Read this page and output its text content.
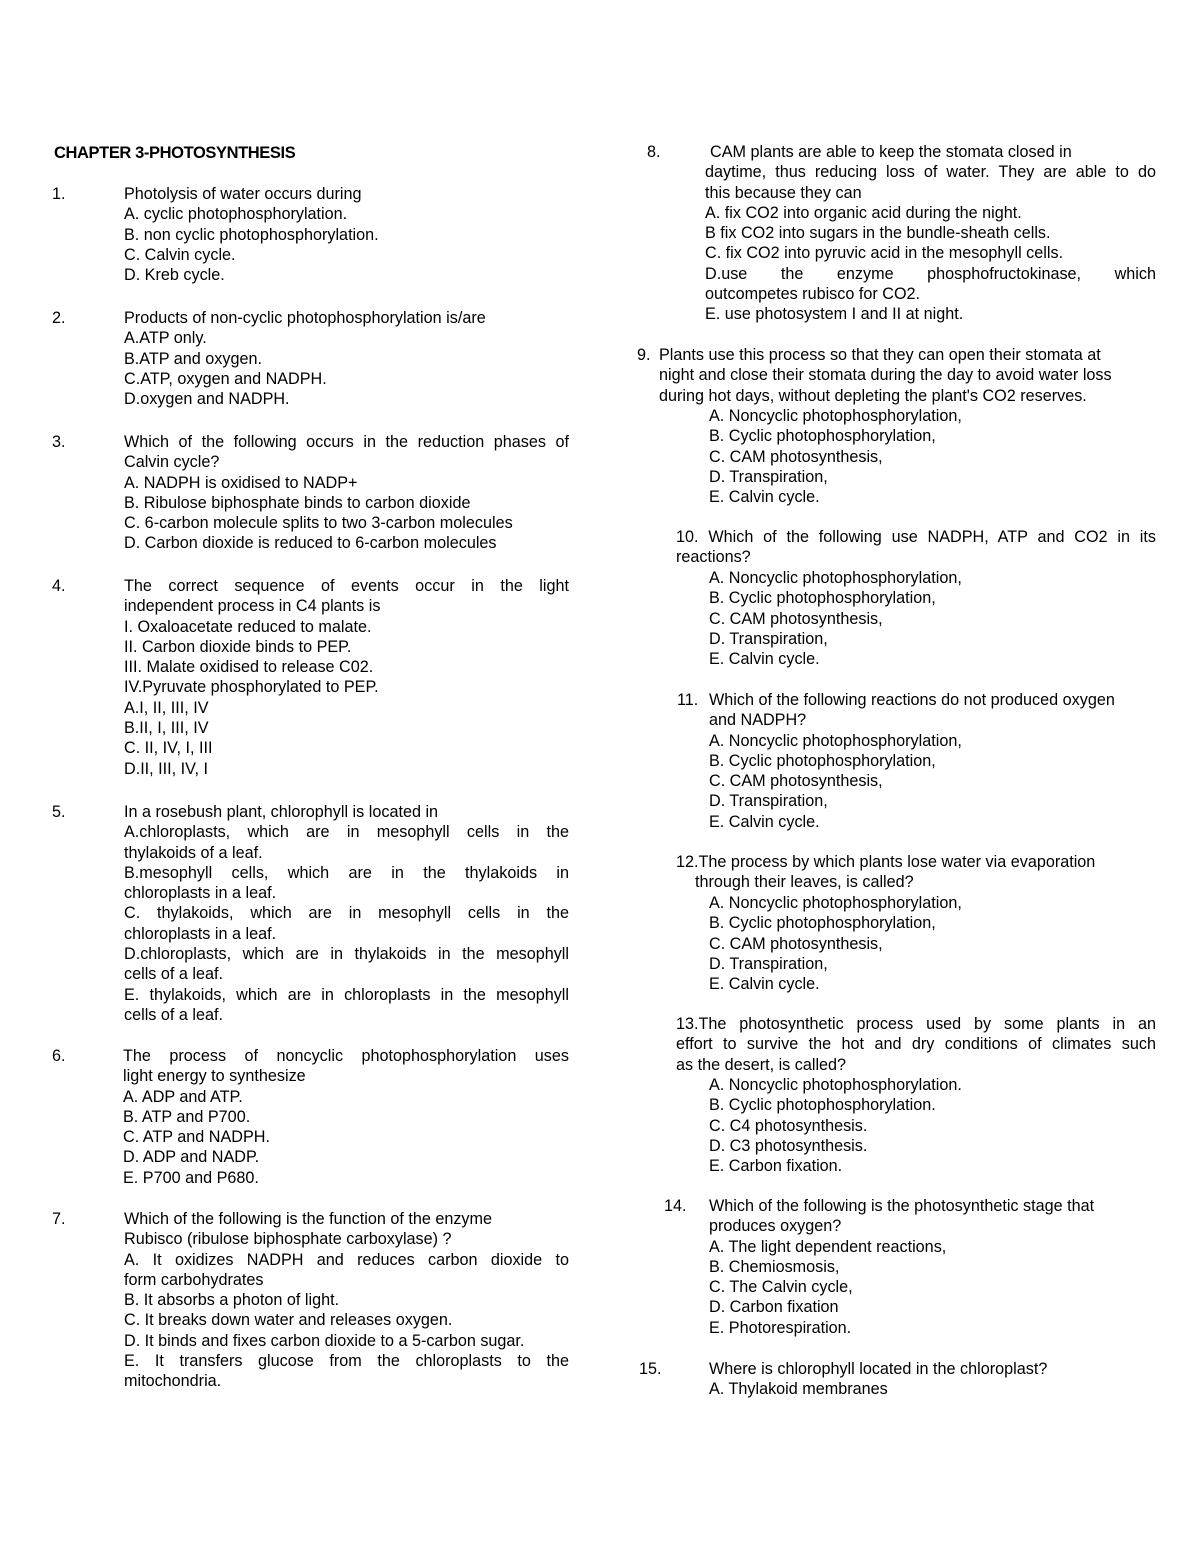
CHAPTER 3-PHOTOSYNTHESIS
1.	Photolysis of water occurs during
A. cyclic photophosphorylation.
B. non cyclic photophosphorylation.
C. Calvin cycle.
D. Kreb cycle.
2.	Products of non-cyclic photophosphorylation is/are
A.ATP only.
B.ATP and oxygen.
C.ATP, oxygen and NADPH.
D.oxygen and NADPH.
3.	Which of the following occurs in the reduction phases of
Calvin cycle?
A. NADPH is oxidised to NADP+
B. Ribulose biphosphate binds to carbon dioxide
C. 6-carbon molecule splits to two 3-carbon molecules
D. Carbon dioxide is reduced to 6-carbon molecules
4.	The correct sequence of events occur in the light
independent process in C4 plants is
I. Oxaloacetate reduced to malate.
II. Carbon dioxide binds to PEP.
III. Malate oxidised to release C02.
IV.Pyruvate phosphorylated to PEP.
A.I, II, III, IV
B.II, I, III, IV
C. II, IV, I, III
D.II, III, IV, I
5.	In a rosebush plant, chlorophyll is located in
A.chloroplasts, which are in mesophyll cells in the
thylakoids of a leaf.
B.mesophyll cells, which are in the thylakoids in
chloroplasts in a leaf.
C. thylakoids, which are in mesophyll cells in the
chloroplasts in a leaf.
D.chloroplasts, which are in thylakoids in the mesophyll
cells of a leaf.
E. thylakoids, which are in chloroplasts in the mesophyll
cells of a leaf.
6.	The process of noncyclic photophosphorylation uses
light energy to synthesize
A. ADP and ATP.
B. ATP and P700.
C. ATP and NADPH.
D. ADP and NADP.
E. P700 and P680.
7.	Which of the following is the function of the enzyme
Rubisco (ribulose biphosphate carboxylase) ?
A. It oxidizes NADPH and reduces carbon dioxide to
form carbohydrates
B. It absorbs a photon of light.
C. It breaks down water and releases oxygen.
D. It binds and fixes carbon dioxide to a 5-carbon sugar.
E. It transfers glucose from the chloroplasts to the
mitochondria.
8.	CAM plants are able to keep the stomata closed in
daytime, thus reducing loss of water. They are able to do
this because they can
A. fix CO2 into organic acid during the night.
B fix CO2 into sugars in the bundle-sheath cells.
C. fix CO2 into pyruvic acid in the mesophyll cells.
D.use the enzyme phosphofructokinase, which
outcompetes rubisco for CO2.
E. use photosystem I and II at night.
9. Plants use this process so that they can open their stomata at
night and close their stomata during the day to avoid water loss
during hot days, without depleting the plant's CO2 reserves.
A. Noncyclic photophosphorylation,
B. Cyclic photophosphorylation,
C. CAM photosynthesis,
D. Transpiration,
E. Calvin cycle.
10. Which of the following use NADPH, ATP and CO2 in its
reactions?
A. Noncyclic photophosphorylation,
B. Cyclic photophosphorylation,
C. CAM photosynthesis,
D. Transpiration,
E. Calvin cycle.
11. Which of the following reactions do not produced oxygen
and NADPH?
A. Noncyclic photophosphorylation,
B. Cyclic photophosphorylation,
C. CAM photosynthesis,
D. Transpiration,
E. Calvin cycle.
12.The process by which plants lose water via evaporation
through their leaves, is called?
A. Noncyclic photophosphorylation,
B. Cyclic photophosphorylation,
C. CAM photosynthesis,
D. Transpiration,
E. Calvin cycle.
13.The photosynthetic process used by some plants in an
effort to survive the hot and dry conditions of climates such
as the desert, is called?
A. Noncyclic photophosphorylation.
B. Cyclic photophosphorylation.
C. C4 photosynthesis.
D. C3 photosynthesis.
E. Carbon fixation.
14. Which of the following is the photosynthetic stage that
produces oxygen?
A. The light dependent reactions,
B. Chemiosmosis,
C. The Calvin cycle,
D. Carbon fixation
E. Photorespiration.
15.	Where is chlorophyll located in the chloroplast?
A. Thylakoid membranes
